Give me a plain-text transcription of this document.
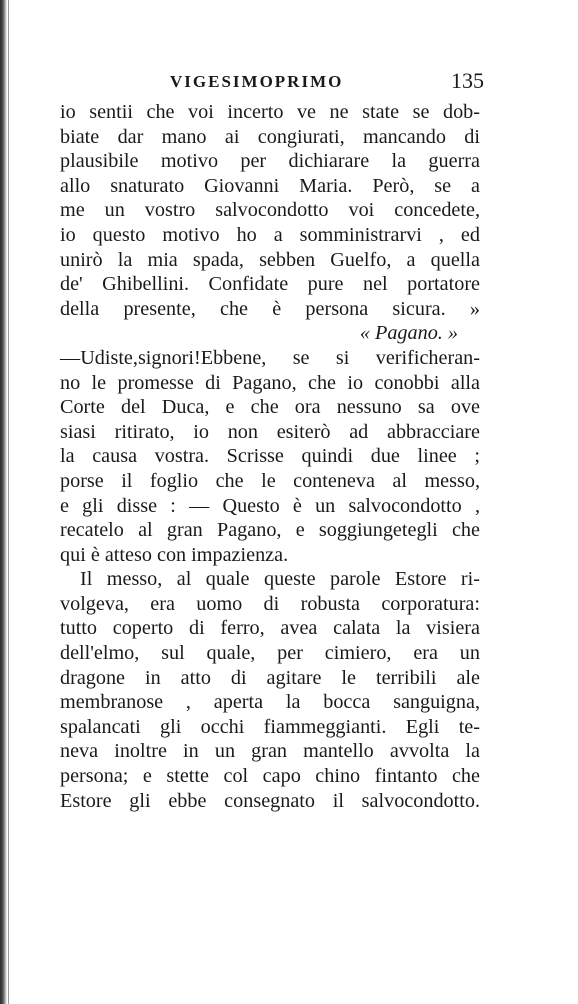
VIGESIMOPRIMO	135
io sentii che voi incerto ve ne state se dob-
biate dar mano ai congiurati, mancando di
plausibile motivo per dichiarare la guerra
allo snaturato Giovanni Maria. Però, se a
me un vostro salvocondotto voi concedete,
io questo motivo ho a somministrarvi , ed
unirò la mia spada, sebben Guelfo, a quella
de' Ghibellini. Confidate pure nel portatore
della presente, che è persona sicura. »
« Pagano. »
—Udiste,signori!Ebbene, se si verificheran-
no le promesse di Pagano, che io conobbi alla
Corte del Duca, e che ora nessuno sa ove
siasi ritirato, io non esiterò ad abbracciare
la causa vostra. Scrisse quindi due linee ;
porse il foglio che le conteneva al messo,
e gli disse : — Questo è un salvocondotto ,
recatelo al gran Pagano, e soggiungetegli che
qui è atteso con impazienza.
Il messo, al quale queste parole Estore ri-
volgeva, era uomo di robusta corporatura:
tutto coperto di ferro, avea calata la visiera
dell'elmo, sul quale, per cimiero, era un
dragone in atto di agitare le terribili ale
membranose , aperta la bocca sanguigna,
spalancati gli occhi fiammeggianti. Egli te-
neva inoltre in un gran mantello avvolta la
persona; e stette col capo chino fintanto che
Estore gli ebbe consegnato il salvocondotto.
